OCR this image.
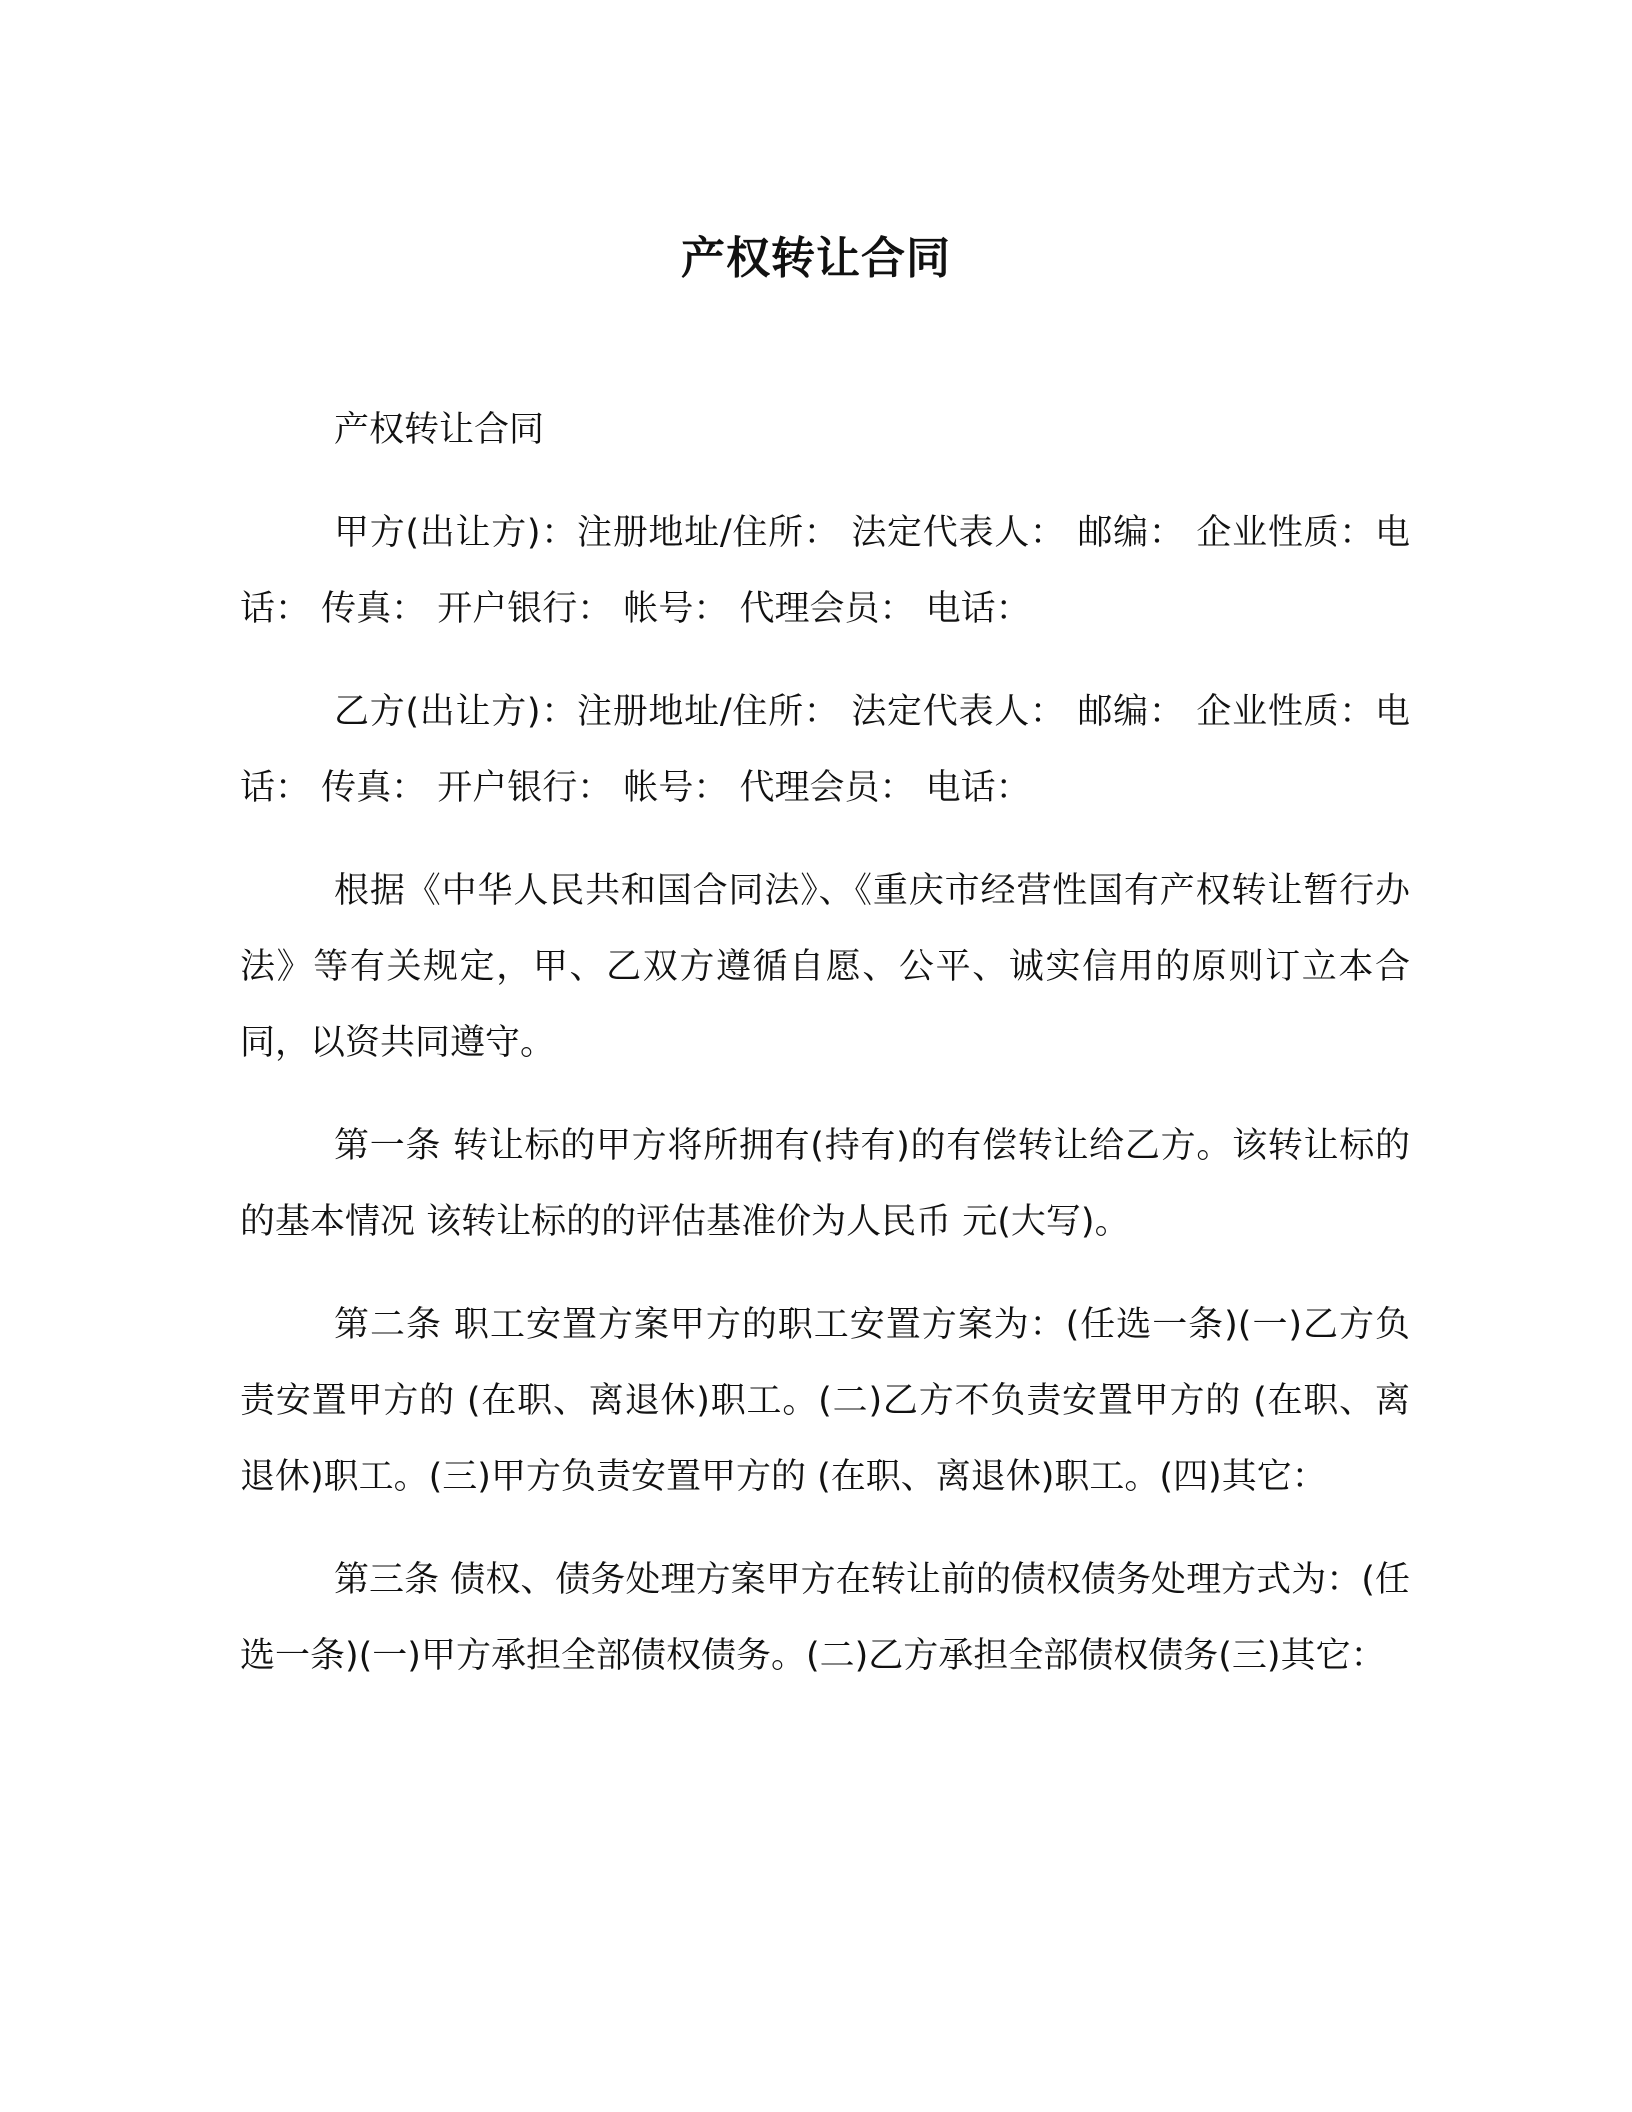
产权转让合同

产权转让合同

甲方(出让方)：注册地址/住所： 法定代表人： 邮编： 企业性质：电话： 传真： 开户银行： 帐号： 代理会员： 电话：

乙方(出让方)：注册地址/住所： 法定代表人： 邮编： 企业性质：电话： 传真： 开户银行： 帐号： 代理会员： 电话：

根据《中华人民共和国合同法》、《重庆市经营性国有产权转让暂行办法》等有关规定，甲、乙双方遵循自愿、公平、诚实信用的原则订立本合同，以资共同遵守。

第一条 转让标的甲方将所拥有(持有)的有偿转让给乙方。该转让标的的基本情况 该转让标的的评估基准价为人民币 元(大写)。

第二条 职工安置方案甲方的职工安置方案为：(任选一条)(一)乙方负责安置甲方的 (在职、离退休)职工。(二)乙方不负责安置甲方的 (在职、离退休)职工。(三)甲方负责安置甲方的 (在职、离退休)职工。(四)其它：

第三条 债权、债务处理方案甲方在转让前的债权债务处理方式为：(任选一条)(一)甲方承担全部债权债务。(二)乙方承担全部债权债务(三)其它：
